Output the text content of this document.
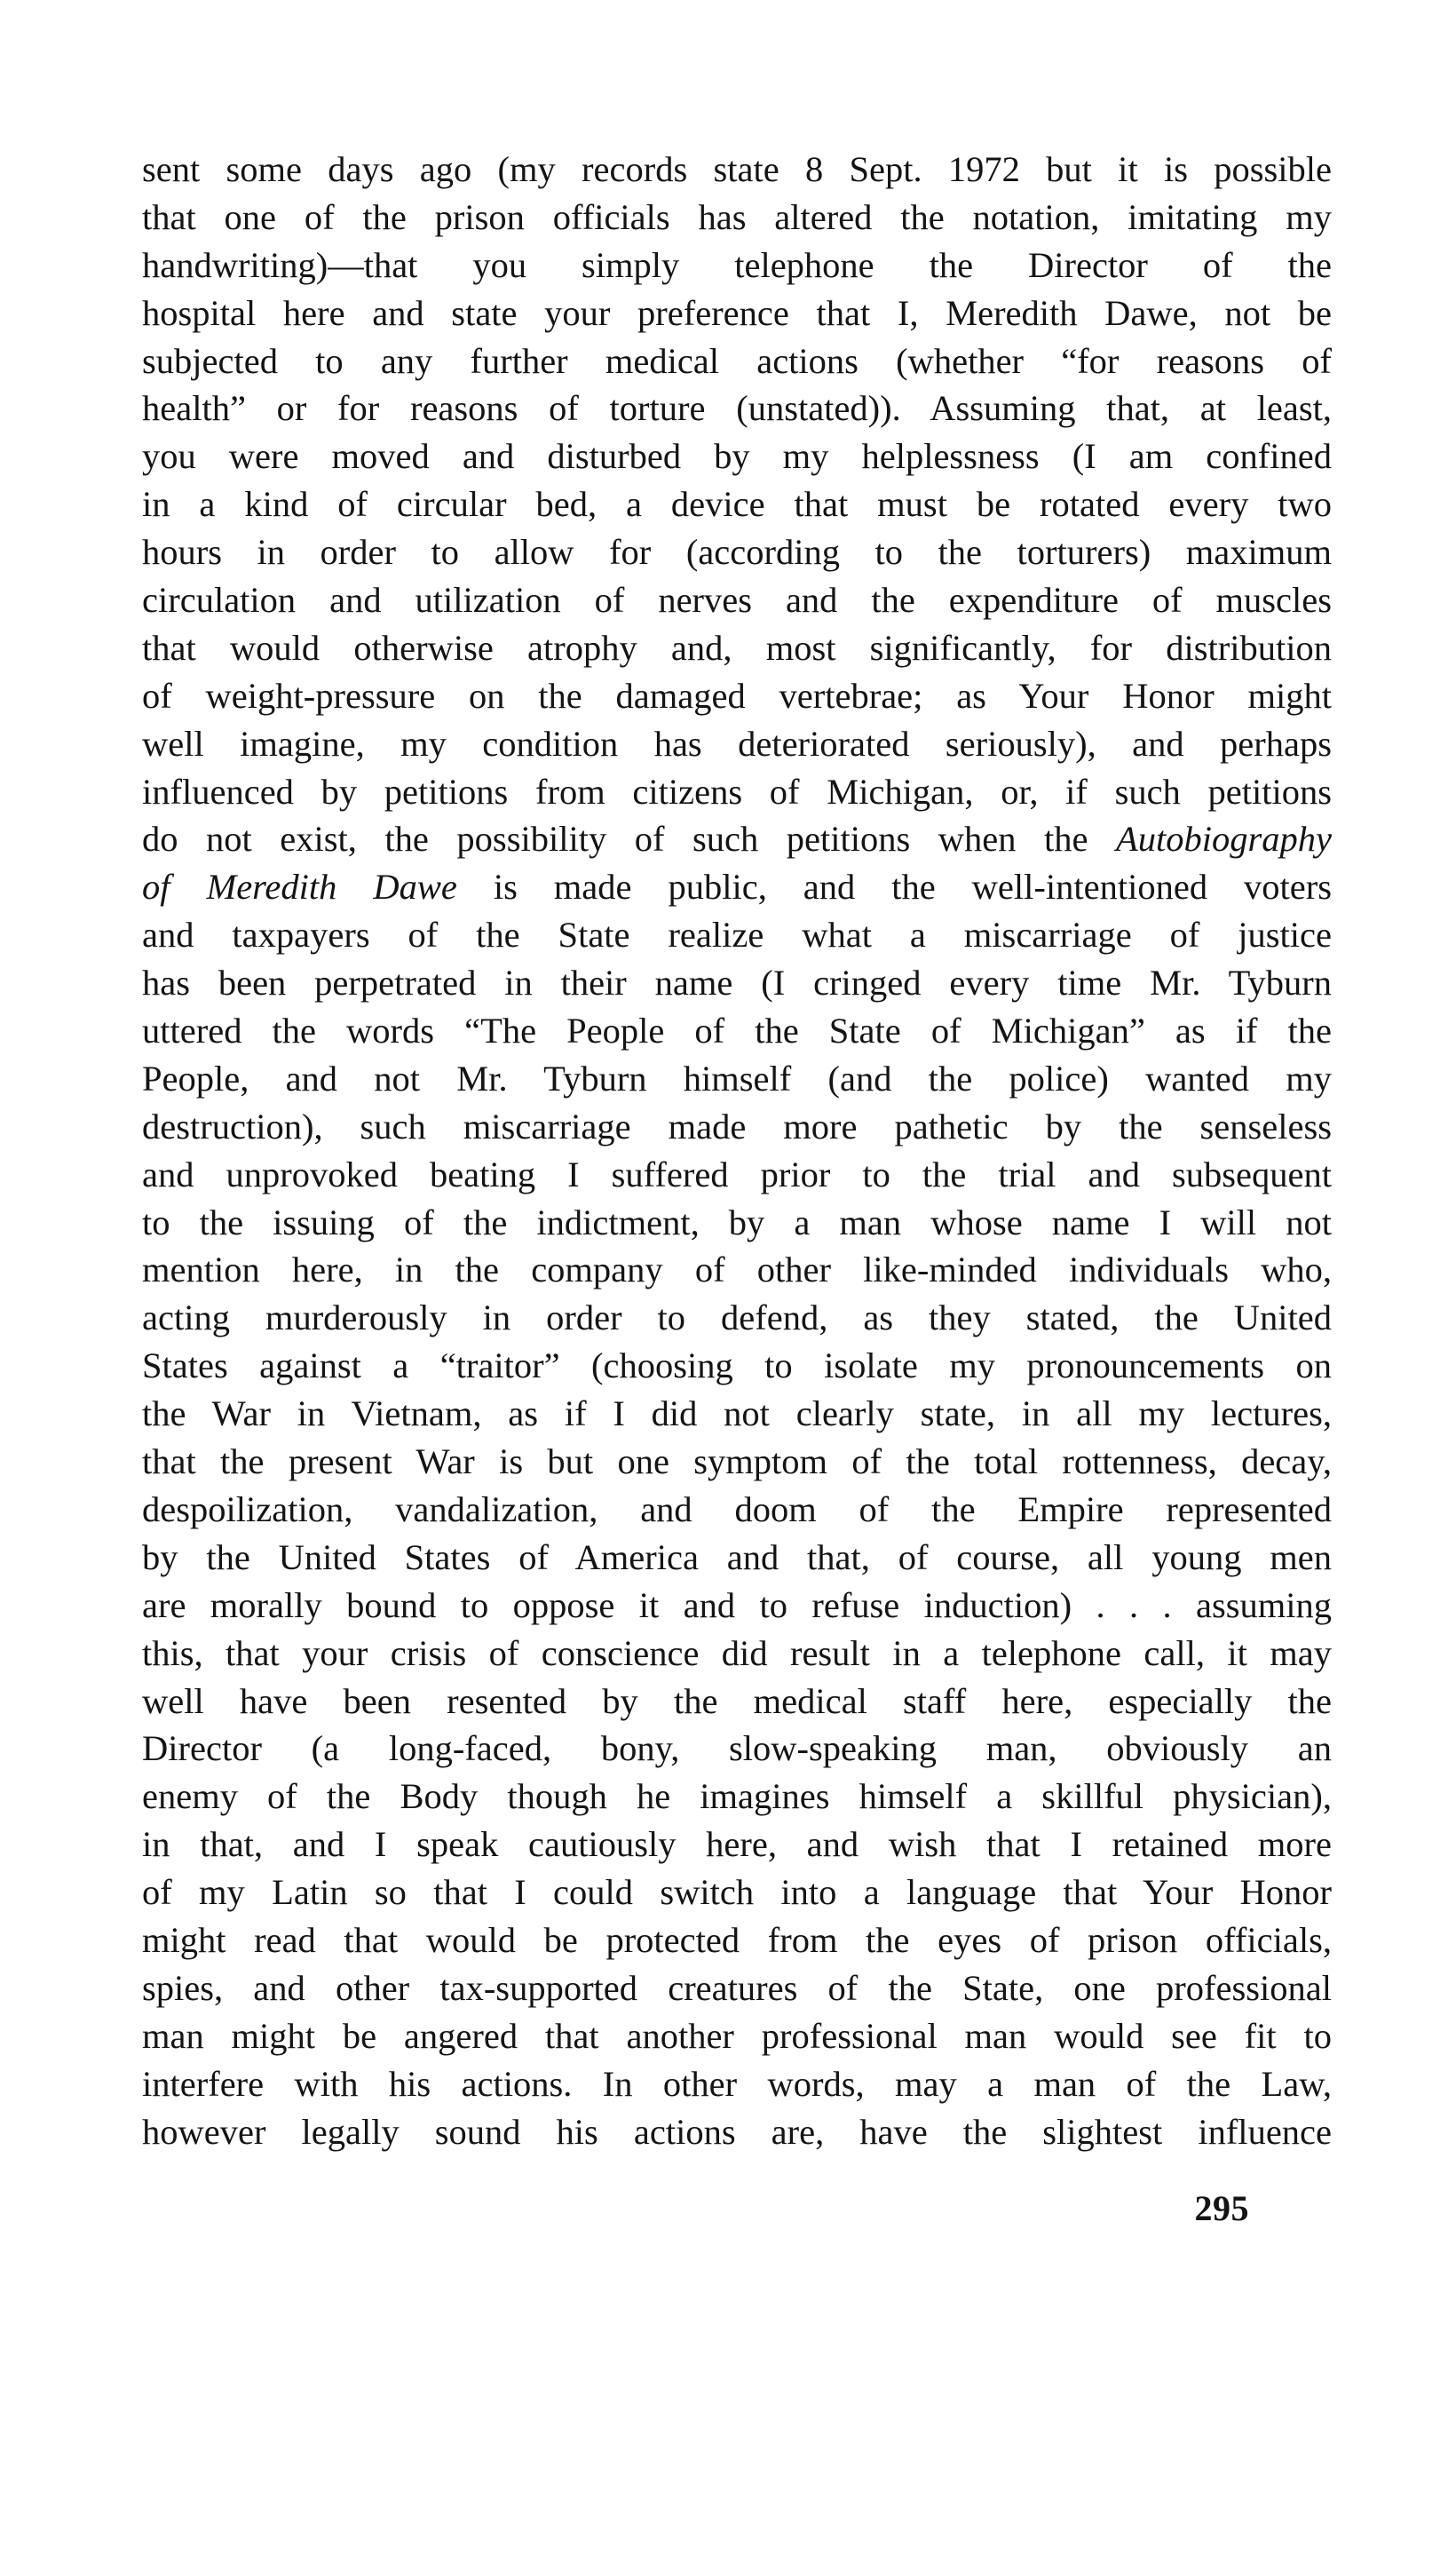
sent some days ago (my records state 8 Sept. 1972 but it is possible
that one of the prison officials has altered the notation, imitating my
handwriting)—that you simply telephone the Director of the
hospital here and state your preference that I, Meredith Dawe, not be
subjected to any further medical actions (whether “for reasons of
health” or for reasons of torture (unstated)). Assuming that, at least,
you were moved and disturbed by my helplessness (I am confined
in a kind of circular bed, a device that must be rotated every two
hours in order to allow for (according to the torturers) maximum
circulation and utilization of nerves and the expenditure of muscles
that would otherwise atrophy and, most significantly, for distribution
of weight-pressure on the damaged vertebrae; as Your Honor might
well imagine, my condition has deteriorated seriously), and perhaps
influenced by petitions from citizens of Michigan, or, if such petitions
do not exist, the possibility of such petitions when the Autobiography
of Meredith Dawe is made public, and the well-intentioned voters
and taxpayers of the State realize what a miscarriage of justice
has been perpetrated in their name (I cringed every time Mr. Tyburn
uttered the words “The People of the State of Michigan” as if the
People, and not Mr. Tyburn himself (and the police) wanted my
destruction), such miscarriage made more pathetic by the senseless
and unprovoked beating I suffered prior to the trial and subsequent
to the issuing of the indictment, by a man whose name I will not
mention here, in the company of other like-minded individuals who,
acting murderously in order to defend, as they stated, the United
States against a “traitor” (choosing to isolate my pronouncements on
the War in Vietnam, as if I did not clearly state, in all my lectures,
that the present War is but one symptom of the total rottenness, decay,
despoilization, vandalization, and doom of the Empire represented
by the United States of America and that, of course, all young men
are morally bound to oppose it and to refuse induction) . . . assuming
this, that your crisis of conscience did result in a telephone call, it may
well have been resented by the medical staff here, especially the
Director (a long-faced, bony, slow-speaking man, obviously an
enemy of the Body though he imagines himself a skillful physician),
in that, and I speak cautiously here, and wish that I retained more
of my Latin so that I could switch into a language that Your Honor
might read that would be protected from the eyes of prison officials,
spies, and other tax-supported creatures of the State, one professional
man might be angered that another professional man would see fit to
interfere with his actions. In other words, may a man of the Law,
however legally sound his actions are, have the slightest influence
295
